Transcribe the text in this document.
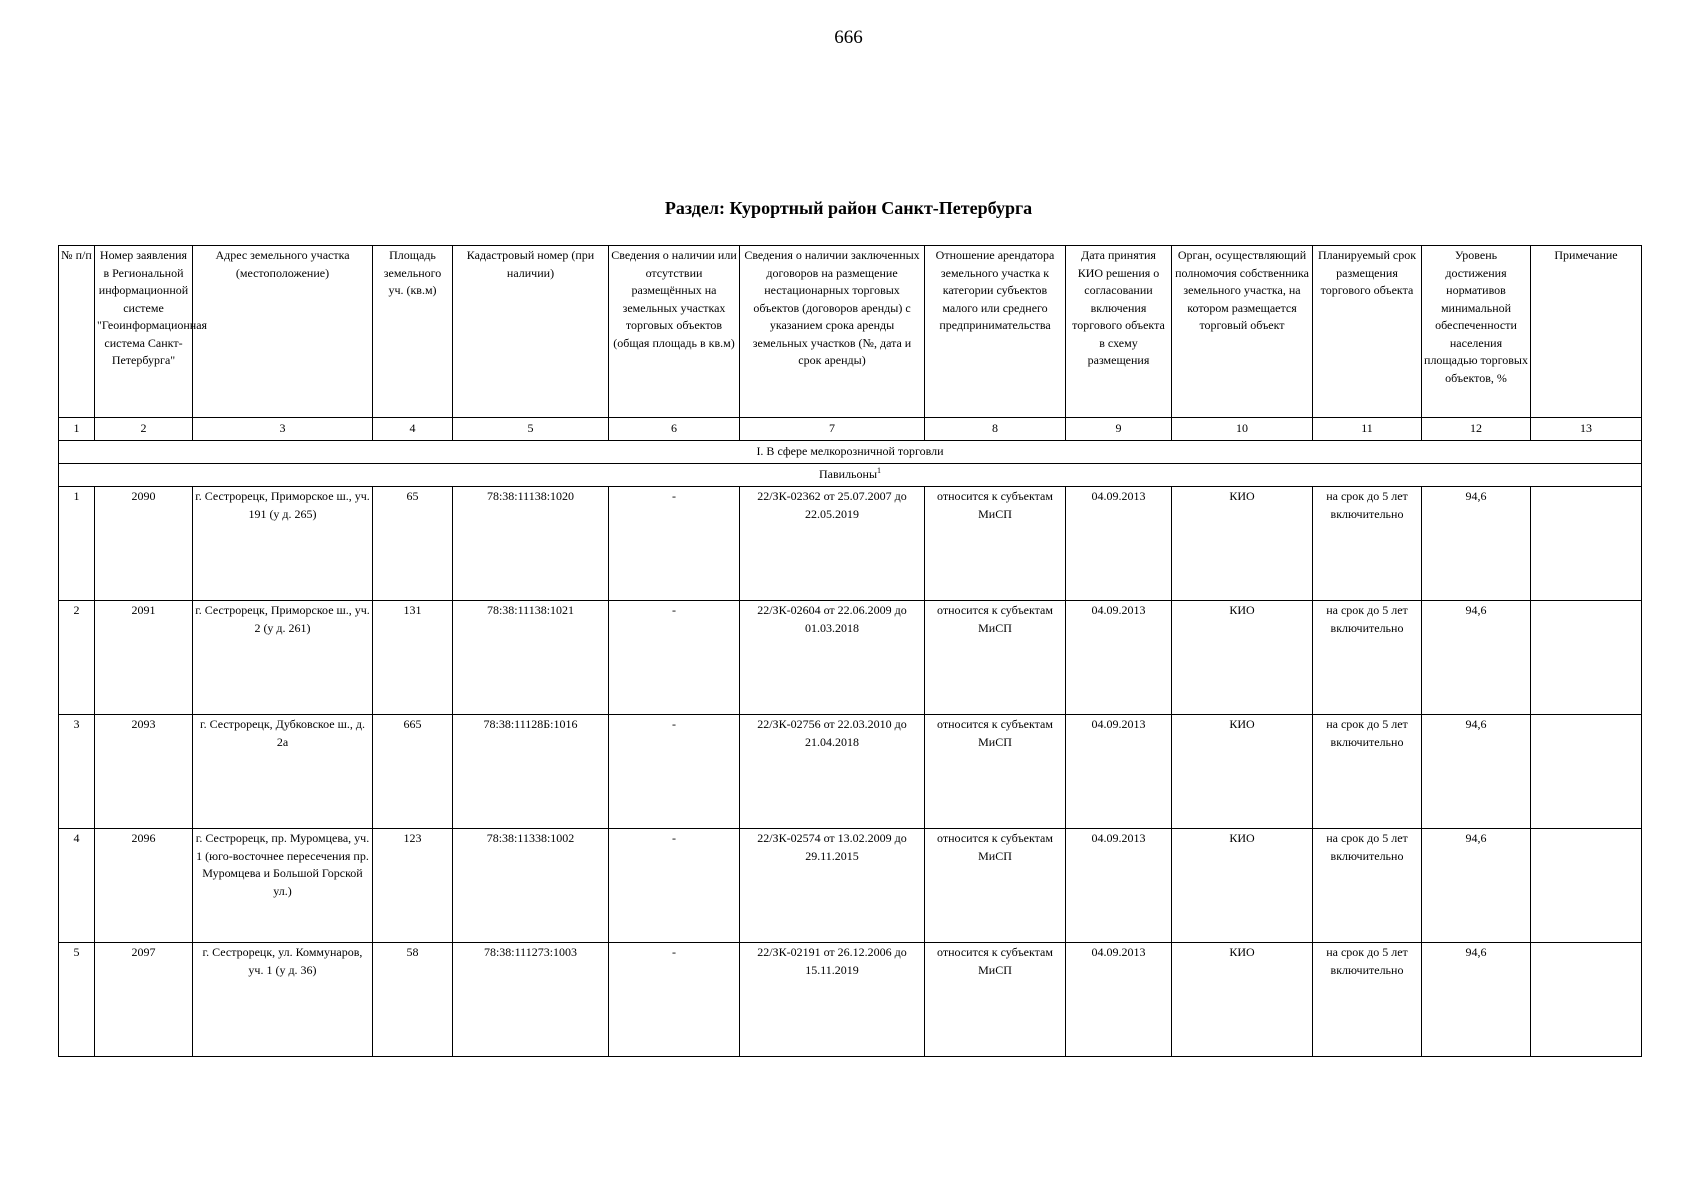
666
Раздел: Курортный район Санкт-Петербурга
№ п/п	Номер заявления в Региональной информационной системе "Геоинформационная система Санкт-Петербурга"	Адрес земельного участка (местоположение)	Площадь земельного уч. (кв.м)	Кадастровый номер (при наличии)	Сведения о наличии или отсутствии размещённых на земельных участках торговых объектов (общая площадь в кв.м)	Сведения о наличии заключенных договоров на размещение нестационарных торговых объектов (договоров аренды) с указанием срока аренды земельных участков (№, дата и срок аренды)	Отношение арендатора земельного участка к категории субъектов малого или среднего предпринимательства	Дата принятия КИО решения о согласовании включения торгового объекта в схему размещения	Орган, осуществляющий полномочия собственника земельного участка, на котором размещается торговый объект	Планируемый срок размещения торгового объекта	Уровень достижения нормативов минимальной обеспеченности населения площадью торговых объектов, %	Примечание
1	2	3	4	5	6	7	8	9	10	11	12	13
I. В сфере мелкорозничной торговли												
Павильоны$^1$
1	2090	г. Сестрорецк, Приморское ш., уч. 191 (у д. 265)	65	78:38:11138:1020	-	22/ЗК-02362 от 25.07.2007 до 22.05.2019	относится к субъектам МиСП	04.09.2013	КИО	на срок до 5 лет включительно	94,6	
2	2091	г. Сестрорецк, Приморское ш., уч. 2 (у д. 261)	131	78:38:11138:1021	-	22/ЗК-02604 от 22.06.2009 до 01.03.2018	относится к субъектам МиСП	04.09.2013	КИО	на срок до 5 лет включительно	94,6	
3	2093	г. Сестрорецк, Дубковское ш., д. 2а	665	78:38:11128Б:1016	-	22/ЗК-02756 от 22.03.2010 до 21.04.2018	относится к субъектам МиСП	04.09.2013	КИО	на срок до 5 лет включительно	94,6	
4	2096	г. Сестрорецк, пр. Муромцева, уч. 1 (юго-восточнее пересечения пр. Муромцева и Большой Горской ул.)	123	78:38:11338:1002	-	22/ЗК-02574 от 13.02.2009 до 29.11.2015	относится к субъектам МиСП	04.09.2013	КИО	на срок до 5 лет включительно	94,6	
5	2097	г. Сестрорецк, ул. Коммунаров, уч. 1 (у д. 36)	58	78:38:111273:1003	-	22/ЗК-02191 от 26.12.2006 до 15.11.2019	относится к субъектам МиСП	04.09.2013	КИО	на срок до 5 лет включительно	94,6	
